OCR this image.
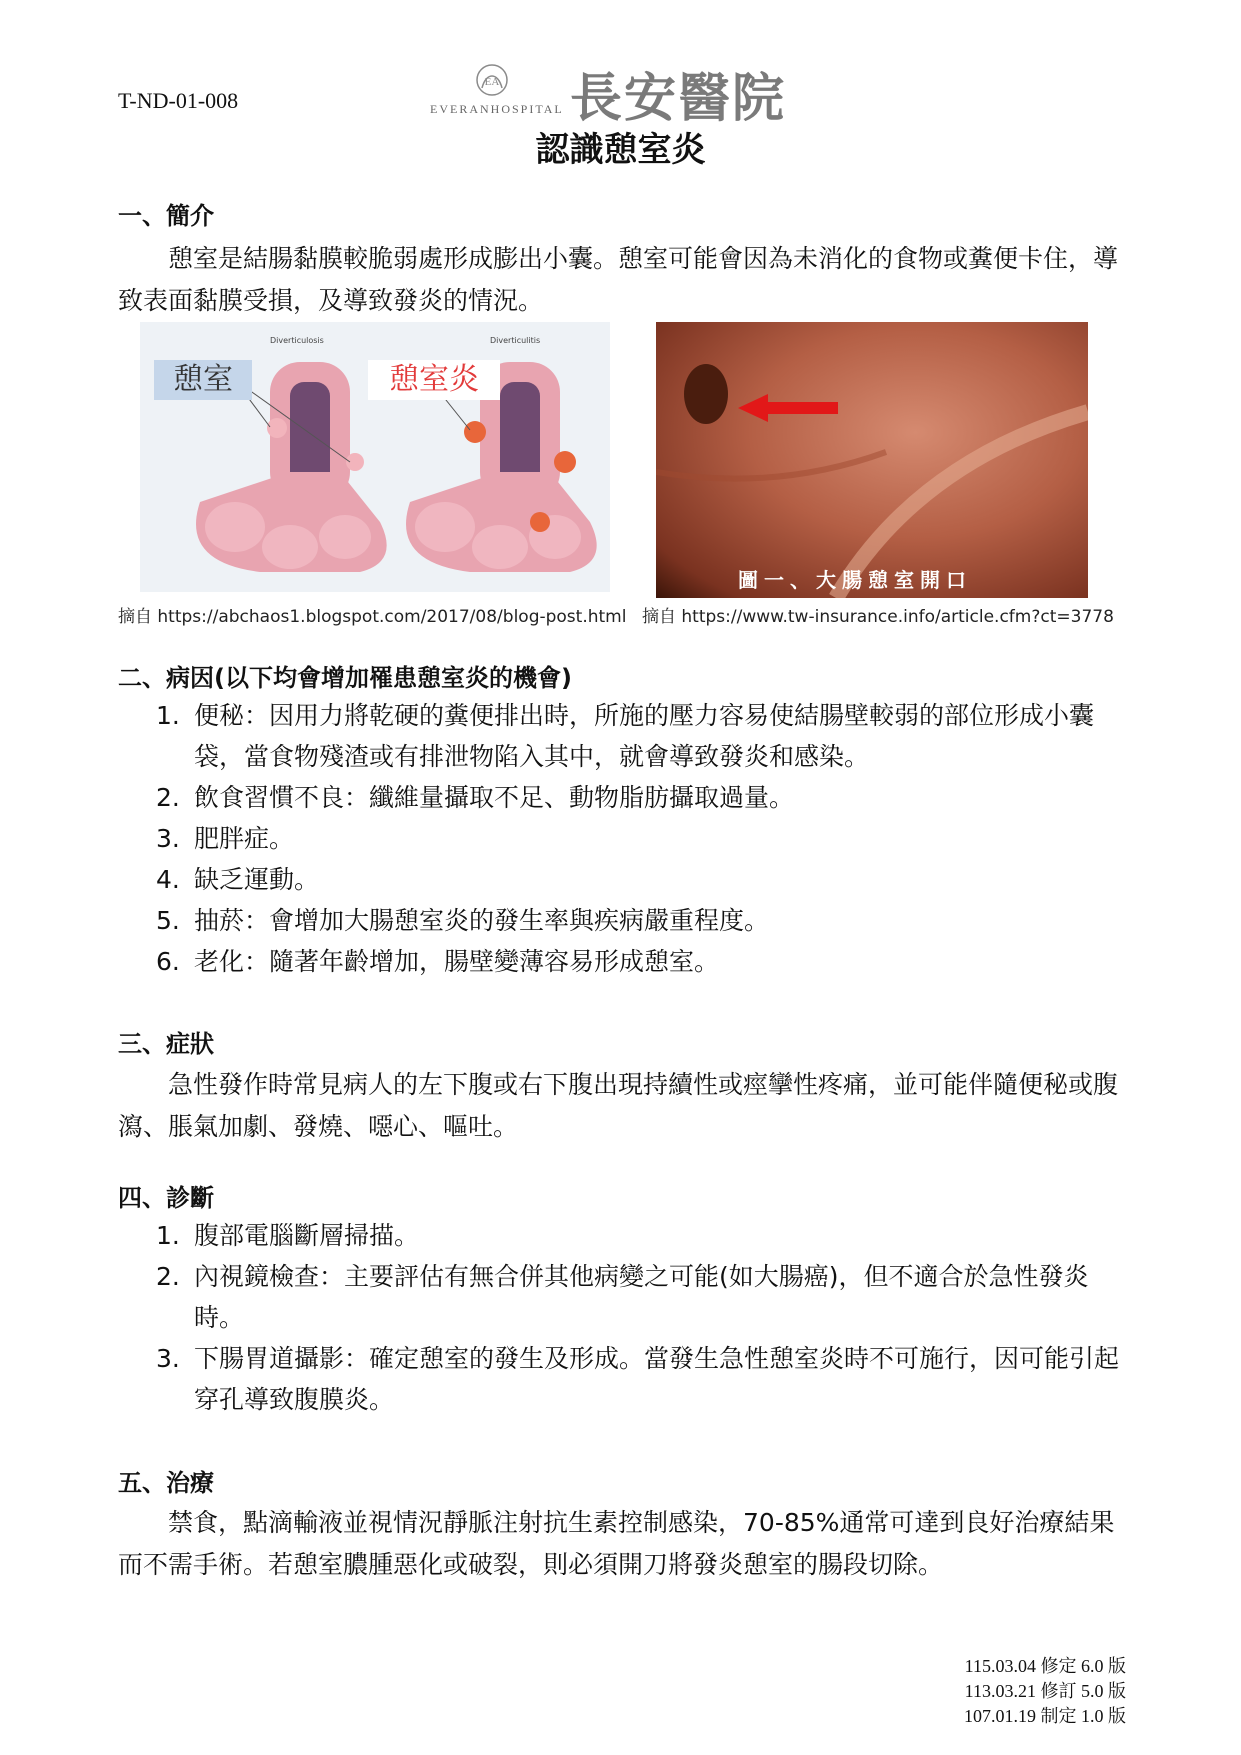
T-ND-01-008
EA
EVERANHOSPITAL 長安醫院
認識憩室炎
一、簡介

憩室是結腸黏膜較脆弱處形成膨出小囊。憩室可能會因為未消化的食物或糞便卡住，導致表面黏膜受損，及導致發炎的情況。

憩室	憩室炎
Diverticulosis	Diverticulitis
圖一、大腸憩室開口
摘自 https://abchaos1.blogspot.com/2017/08/blog-post.html 摘自 https://www.tw-insurance.info/article.cfm?ct=3778
二、病因(以下均會增加罹患憩室炎的機會)
1. 便秘：因用力將乾硬的糞便排出時，所施的壓力容易使結腸壁較弱的部位形成小囊袋，當食物殘渣或有排泄物陷入其中，就會導致發炎和感染。
2. 飲食習慣不良：纖維量攝取不足、動物脂肪攝取過量。
3. 肥胖症。
4. 缺乏運動。
5. 抽菸：會增加大腸憩室炎的發生率與疾病嚴重程度。
6. 老化：隨著年齡增加，腸壁變薄容易形成憩室。
三、症狀

急性發作時常見病人的左下腹或右下腹出現持續性或痙攣性疼痛，並可能伴隨便秘或腹瀉、脹氣加劇、發燒、噁心、嘔吐。

四、診斷
1. 腹部電腦斷層掃描。
2. 內視鏡檢查：主要評估有無合併其他病變之可能(如大腸癌)，但不適合於急性發炎時。
3. 下腸胃道攝影：確定憩室的發生及形成。當發生急性憩室炎時不可施行，因可能引起穿孔導致腹膜炎。
五、治療

禁食，點滴輸液並視情況靜脈注射抗生素控制感染，70-85%通常可達到良好治療結果而不需手術。若憩室膿腫惡化或破裂，則必須開刀將發炎憩室的腸段切除。

115.03.04 修定 6.0 版
113.03.21 修訂 5.0 版
107.01.19 制定 1.0 版
